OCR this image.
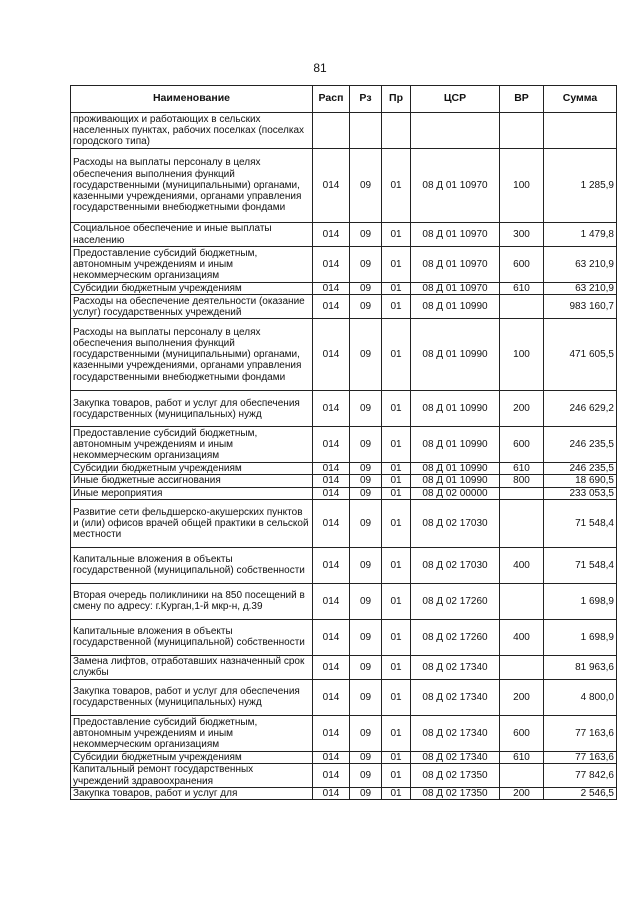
81
Наименование	Расп	Рз	Пр	ЦСР	ВР	Сумма
проживающих и работающих в сельских населенных пунктах, рабочих поселках (поселках городского типа)						
Расходы на выплаты персоналу в целях обеспечения выполнения функций государственными (муниципальными) органами, казенными учреждениями, органами управления государственными внебюджетными фондами	014	09	01	08 Д 01 10970	100	1 285,9
Социальное обеспечение и иные выплаты населению	014	09	01	08 Д 01 10970	300	1 479,8
Предоставление субсидий бюджетным, автономным учреждениям и иным некоммерческим организациям	014	09	01	08 Д 01 10970	600	63 210,9
Субсидии бюджетным учреждениям	014	09	01	08 Д 01 10970	610	63 210,9
Расходы на обеспечение деятельности (оказание услуг) государственных учреждений	014	09	01	08 Д 01 10990		983 160,7
Расходы на выплаты персоналу в целях обеспечения выполнения функций государственными (муниципальными) органами, казенными учреждениями, органами управления государственными внебюджетными фондами	014	09	01	08 Д 01 10990	100	471 605,5
Закупка товаров, работ и услуг для обеспечения государственных (муниципальных) нужд	014	09	01	08 Д 01 10990	200	246 629,2
Предоставление субсидий бюджетным, автономным учреждениям и иным некоммерческим организациям	014	09	01	08 Д 01 10990	600	246 235,5
Субсидии бюджетным учреждениям	014	09	01	08 Д 01 10990	610	246 235,5
Иные бюджетные ассигнования	014	09	01	08 Д 01 10990	800	18 690,5
Иные мероприятия	014	09	01	08 Д 02 00000		233 053,5
Развитие сети фельдшерско-акушерских пунктов и (или) офисов врачей общей практики в сельской местности	014	09	01	08 Д 02 17030		71 548,4
Капитальные вложения в объекты государственной (муниципальной) собственности	014	09	01	08 Д 02 17030	400	71 548,4
Вторая очередь поликлиники на 850 посещений в смену по адресу: г.Курган,1-й мкр-н, д.39	014	09	01	08 Д 02 17260		1 698,9
Капитальные вложения в объекты государственной (муниципальной) собственности	014	09	01	08 Д 02 17260	400	1 698,9
Замена лифтов, отработавших назначенный срок службы	014	09	01	08 Д 02 17340		81 963,6
Закупка товаров, работ и услуг для обеспечения государственных (муниципальных) нужд	014	09	01	08 Д 02 17340	200	4 800,0
Предоставление субсидий бюджетным, автономным учреждениям и иным некоммерческим организациям	014	09	01	08 Д 02 17340	600	77 163,6
Субсидии бюджетным учреждениям	014	09	01	08 Д 02 17340	610	77 163,6
Капитальный ремонт государственных учреждений здравоохранения	014	09	01	08 Д 02 17350		77 842,6
Закупка товаров, работ и услуг для	014	09	01	08 Д 02 17350	200	2 546,5
